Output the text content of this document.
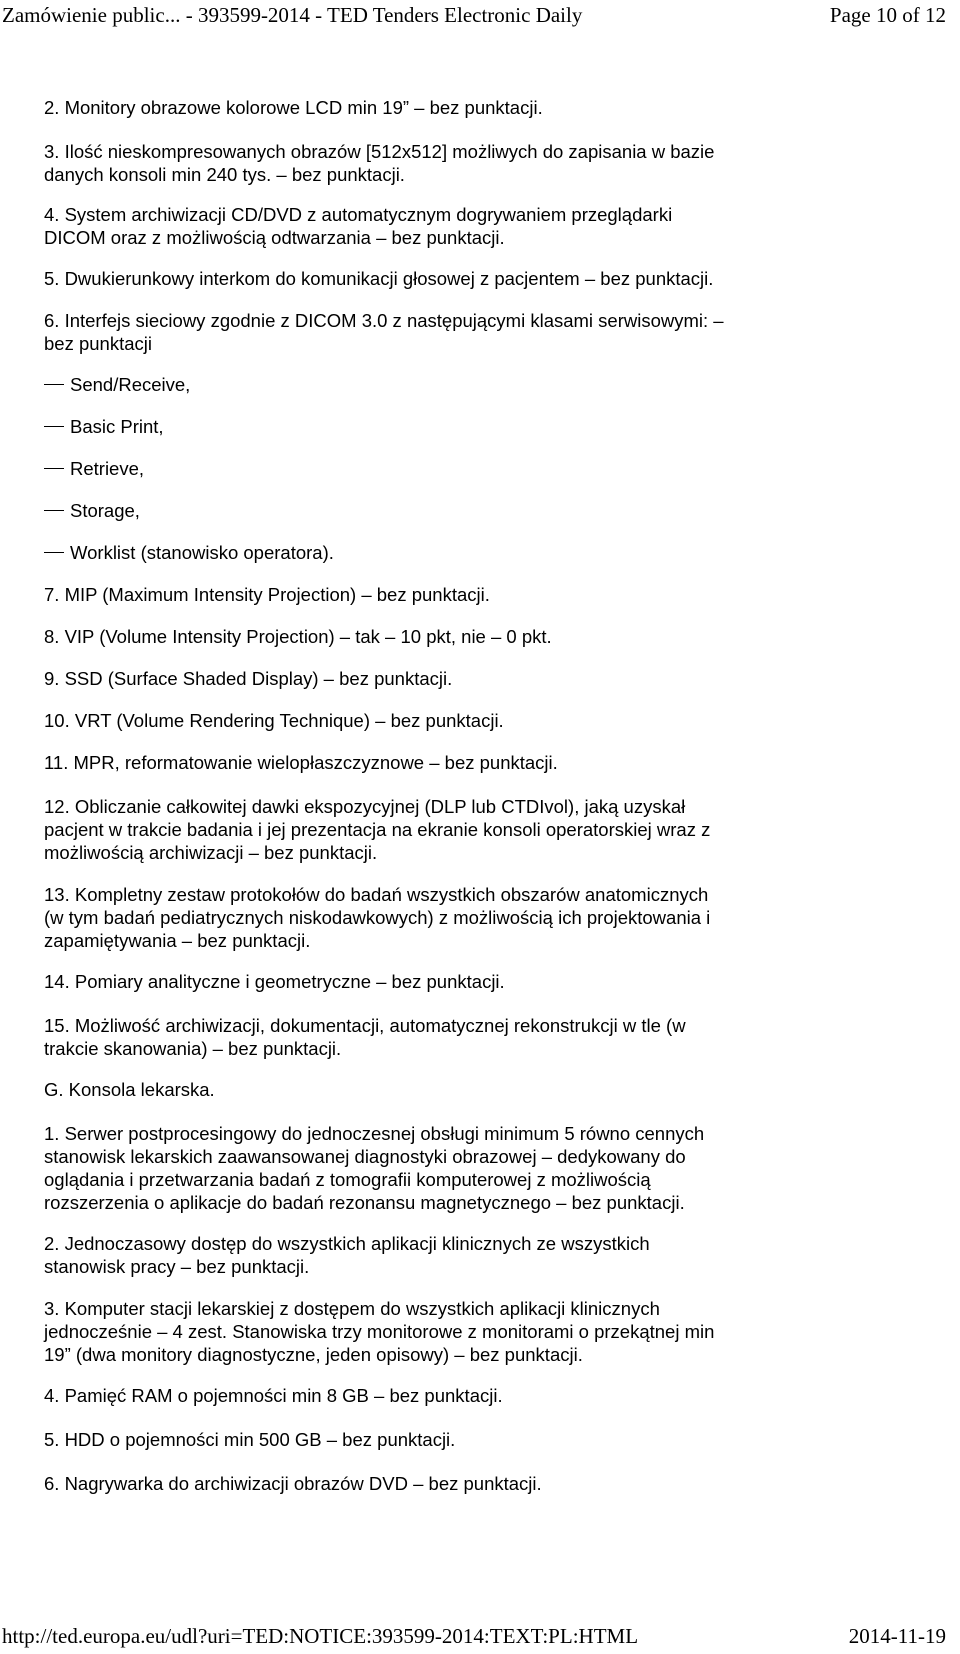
Zamówienie public... - 393599-2014 - TED Tenders Electronic Daily	Page 10 of 12

2. Monitory obrazowe kolorowe LCD min 19” – bez punktacji.

3. Ilość nieskompresowanych obrazów [512x512] możliwych do zapisania w bazie
danych konsoli min 240 tys. – bez punktacji.

4. System archiwizacji CD/DVD z automatycznym dogrywaniem przeglądarki
DICOM oraz z możliwością odtwarzania – bez punktacji.

5. Dwukierunkowy interkom do komunikacji głosowej z pacjentem – bez punktacji.

6. Interfejs sieciowy zgodnie z DICOM 3.0 z następującymi klasami serwisowymi: –
bez punktacji

Send/Receive,

Basic Print,

Retrieve,

Storage,

Worklist (stanowisko operatora).

7. MIP (Maximum Intensity Projection) – bez punktacji.

8. VIP (Volume Intensity Projection) – tak – 10 pkt, nie – 0 pkt.

9. SSD (Surface Shaded Display) – bez punktacji.

10. VRT (Volume Rendering Technique) – bez punktacji.

11. MPR, reformatowanie wielopłaszczyznowe – bez punktacji.

12. Obliczanie całkowitej dawki ekspozycyjnej (DLP lub CTDIvol), jaką uzyskał
pacjent w trakcie badania i jej prezentacja na ekranie konsoli operatorskiej wraz z
możliwością archiwizacji – bez punktacji.

13. Kompletny zestaw protokołów do badań wszystkich obszarów anatomicznych
(w tym badań pediatrycznych niskodawkowych) z możliwością ich projektowania i
zapamiętywania – bez punktacji.

14. Pomiary analityczne i geometryczne – bez punktacji.

15. Możliwość archiwizacji, dokumentacji, automatycznej rekonstrukcji w tle (w
trakcie skanowania) – bez punktacji.

G. Konsola lekarska.

1. Serwer postprocesingowy do jednoczesnej obsługi minimum 5 równo cennych
stanowisk lekarskich zaawansowanej diagnostyki obrazowej – dedykowany do
oglądania i przetwarzania badań z tomografii komputerowej z możliwością
rozszerzenia o aplikacje do badań rezonansu magnetycznego – bez punktacji.

2. Jednoczasowy dostęp do wszystkich aplikacji klinicznych ze wszystkich
stanowisk pracy – bez punktacji.

3. Komputer stacji lekarskiej z dostępem do wszystkich aplikacji klinicznych
jednocześnie – 4 zest. Stanowiska trzy monitorowe z monitorami o przekątnej min
19” (dwa monitory diagnostyczne, jeden opisowy) – bez punktacji.

4. Pamięć RAM o pojemności min 8 GB – bez punktacji.

5. HDD o pojemności min 500 GB – bez punktacji.

6. Nagrywarka do archiwizacji obrazów DVD – bez punktacji.

http://ted.europa.eu/udl?uri=TED:NOTICE:393599-2014:TEXT:PL:HTML	2014-11-19
